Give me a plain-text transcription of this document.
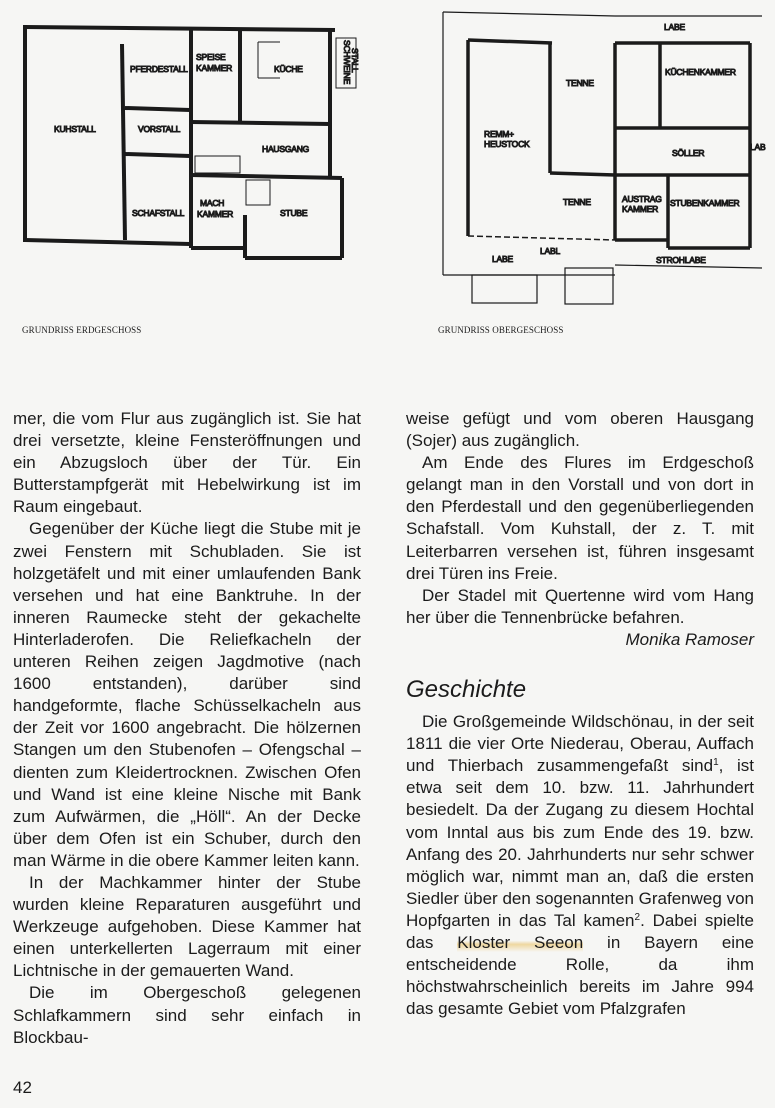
KUHSTALL
PFERDESTALL
SPEISE
KAMMER	KÜCHE	SCHWEINE
STALL
VORSTALL
HAUSGANG
SCHAFSTALL
MACH
KAMMER	STUBE
GRUNDRISS ERDGESCHOSS
LABE
KÜCHENKAMMER
TENNE
REMM+
HEUSTOCK
SÖLLER
LAB
TENNE	AUSTRAG
KAMMER
STUBENKAMMER
LABE
LABL
STROHLABE
GRUNDRISS OBERGESCHOSS

mer, die vom Flur aus zugänglich ist. Sie hat drei versetzte, kleine Fensteröffnungen und ein Abzugsloch über der Tür. Ein Butterstampfgerät mit Hebelwirkung ist im Raum eingebaut.

Gegenüber der Küche liegt die Stube mit je zwei Fenstern mit Schubladen. Sie ist holzgetäfelt und mit einer umlaufenden Bank versehen und hat eine Banktruhe. In der inneren Raumecke steht der gekachelte Hinterladerofen. Die Reliefkacheln der unteren Reihen zeigen Jagdmotive (nach 1600 entstanden), darüber sind handgeformte, flache Schüsselkacheln aus der Zeit vor 1600 angebracht. Die hölzernen Stangen um den Stubenofen – Ofengschal – dienten zum Kleidertrocknen. Zwischen Ofen und Wand ist eine kleine Nische mit Bank zum Aufwärmen, die „Höll“. An der Decke über dem Ofen ist ein Schuber, durch den man Wärme in die obere Kammer leiten kann.

In der Machkammer hinter der Stube wurden kleine Reparaturen ausgeführt und Werkzeuge aufgehoben. Diese Kammer hat einen unterkellerten Lagerraum mit einer Lichtnische in der gemauerten Wand.

Die im Obergeschoß gelegenen Schlafkammern sind sehr einfach in Blockbau-

weise gefügt und vom oberen Hausgang (Sojer) aus zugänglich.

Am Ende des Flures im Erdgeschoß gelangt man in den Vorstall und von dort in den Pferdestall und den gegenüberliegenden Schafstall. Vom Kuhstall, der z. T. mit Leiterbarren versehen ist, führen insgesamt drei Türen ins Freie.

Der Stadel mit Quertenne wird vom Hang her über die Tennenbrücke befahren.

Monika Ramoser

Geschichte

Die Großgemeinde Wildschönau, in der seit 1811 die vier Orte Niederau, Oberau, Auffach und Thierbach zusammengefaßt sind$^1$, ist etwa seit dem 10. bzw. 11. Jahrhundert besiedelt. Da der Zugang zu diesem Hochtal vom Inntal aus bis zum Ende des 19. bzw. Anfang des 20. Jahrhunderts nur sehr schwer möglich war, nimmt man an, daß die ersten Siedler über den sogenannten Grafenweg von Hopfgarten in das Tal kamen$^2$. Dabei spielte das Kloster Seeon in Bayern eine entscheidende Rolle, da ihm höchstwahrscheinlich bereits im Jahre 994 das gesamte Gebiet vom Pfalzgrafen

42
